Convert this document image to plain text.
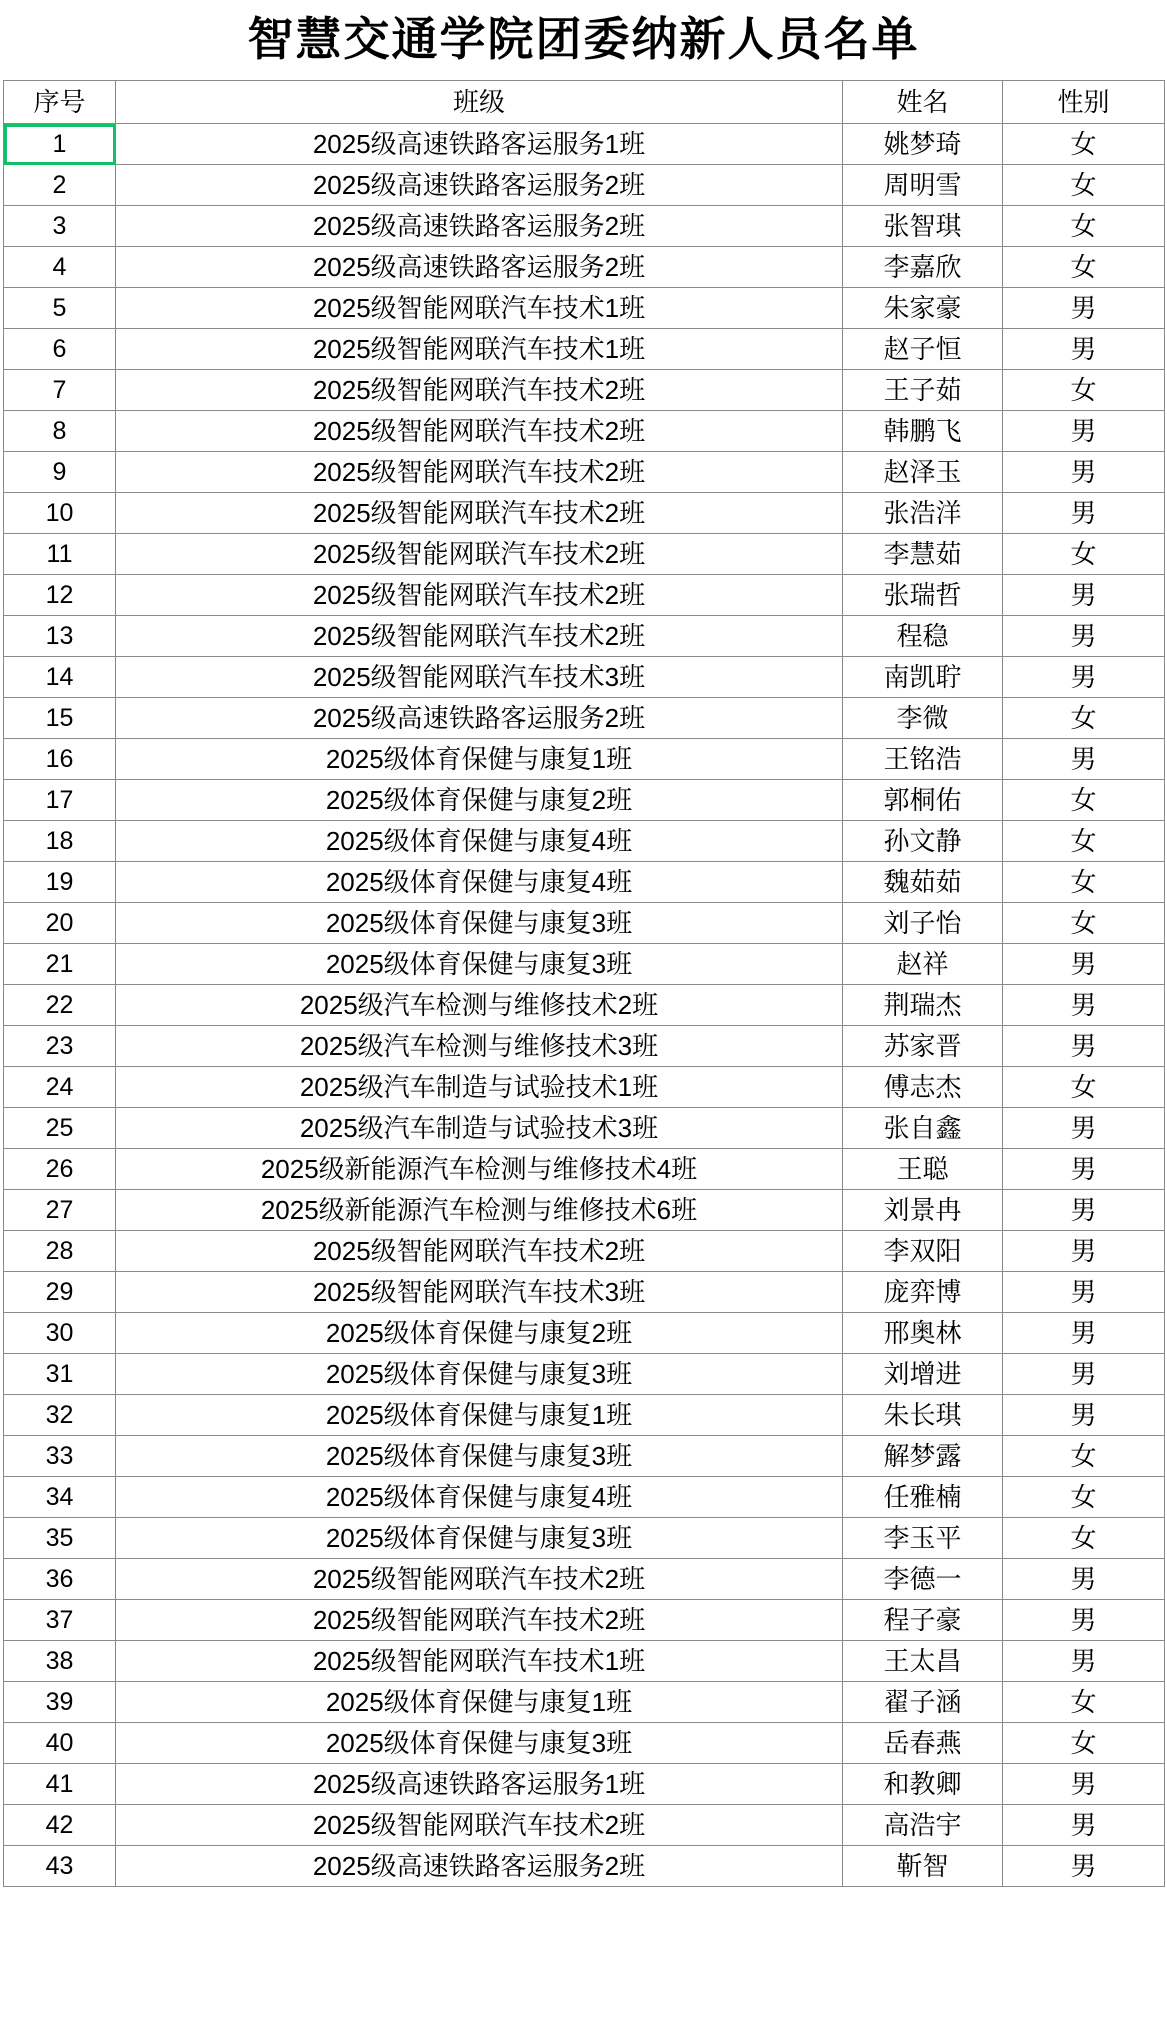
智慧交通学院团委纳新人员名单
序号	班级	姓名	性别
1	2025级高速铁路客运服务1班	姚梦琦	女
2	2025级高速铁路客运服务2班	周明雪	女
3	2025级高速铁路客运服务2班	张智琪	女
4	2025级高速铁路客运服务2班	李嘉欣	女
5	2025级智能网联汽车技术1班	朱家豪	男
6	2025级智能网联汽车技术1班	赵子恒	男
7	2025级智能网联汽车技术2班	王子茹	女
8	2025级智能网联汽车技术2班	韩鹏飞	男
9	2025级智能网联汽车技术2班	赵泽玉	男
10	2025级智能网联汽车技术2班	张浩洋	男
11	2025级智能网联汽车技术2班	李慧茹	女
12	2025级智能网联汽车技术2班	张瑞哲	男
13	2025级智能网联汽车技术2班	程稳	男
14	2025级智能网联汽车技术3班	南凯聍	男
15	2025级高速铁路客运服务2班	李微	女
16	2025级体育保健与康复1班	王铭浩	男
17	2025级体育保健与康复2班	郭桐佑	女
18	2025级体育保健与康复4班	孙文静	女
19	2025级体育保健与康复4班	魏茹茹	女
20	2025级体育保健与康复3班	刘子怡	女
21	2025级体育保健与康复3班	赵祥	男
22	2025级汽车检测与维修技术2班	荆瑞杰	男
23	2025级汽车检测与维修技术3班	苏家晋	男
24	2025级汽车制造与试验技术1班	傅志杰	女
25	2025级汽车制造与试验技术3班	张自鑫	男
26	2025级新能源汽车检测与维修技术4班	王聪	男
27	2025级新能源汽车检测与维修技术6班	刘景冉	男
28	2025级智能网联汽车技术2班	李双阳	男
29	2025级智能网联汽车技术3班	庞弈博	男
30	2025级体育保健与康复2班	邢奥林	男
31	2025级体育保健与康复3班	刘增进	男
32	2025级体育保健与康复1班	朱长琪	男
33	2025级体育保健与康复3班	解梦露	女
34	2025级体育保健与康复4班	任雅楠	女
35	2025级体育保健与康复3班	李玉平	女
36	2025级智能网联汽车技术2班	李德一	男
37	2025级智能网联汽车技术2班	程子豪	男
38	2025级智能网联汽车技术1班	王太昌	男
39	2025级体育保健与康复1班	翟子涵	女
40	2025级体育保健与康复3班	岳春燕	女
41	2025级高速铁路客运服务1班	和教卿	男
42	2025级智能网联汽车技术2班	高浩宇	男
43	2025级高速铁路客运服务2班	靳智	男
